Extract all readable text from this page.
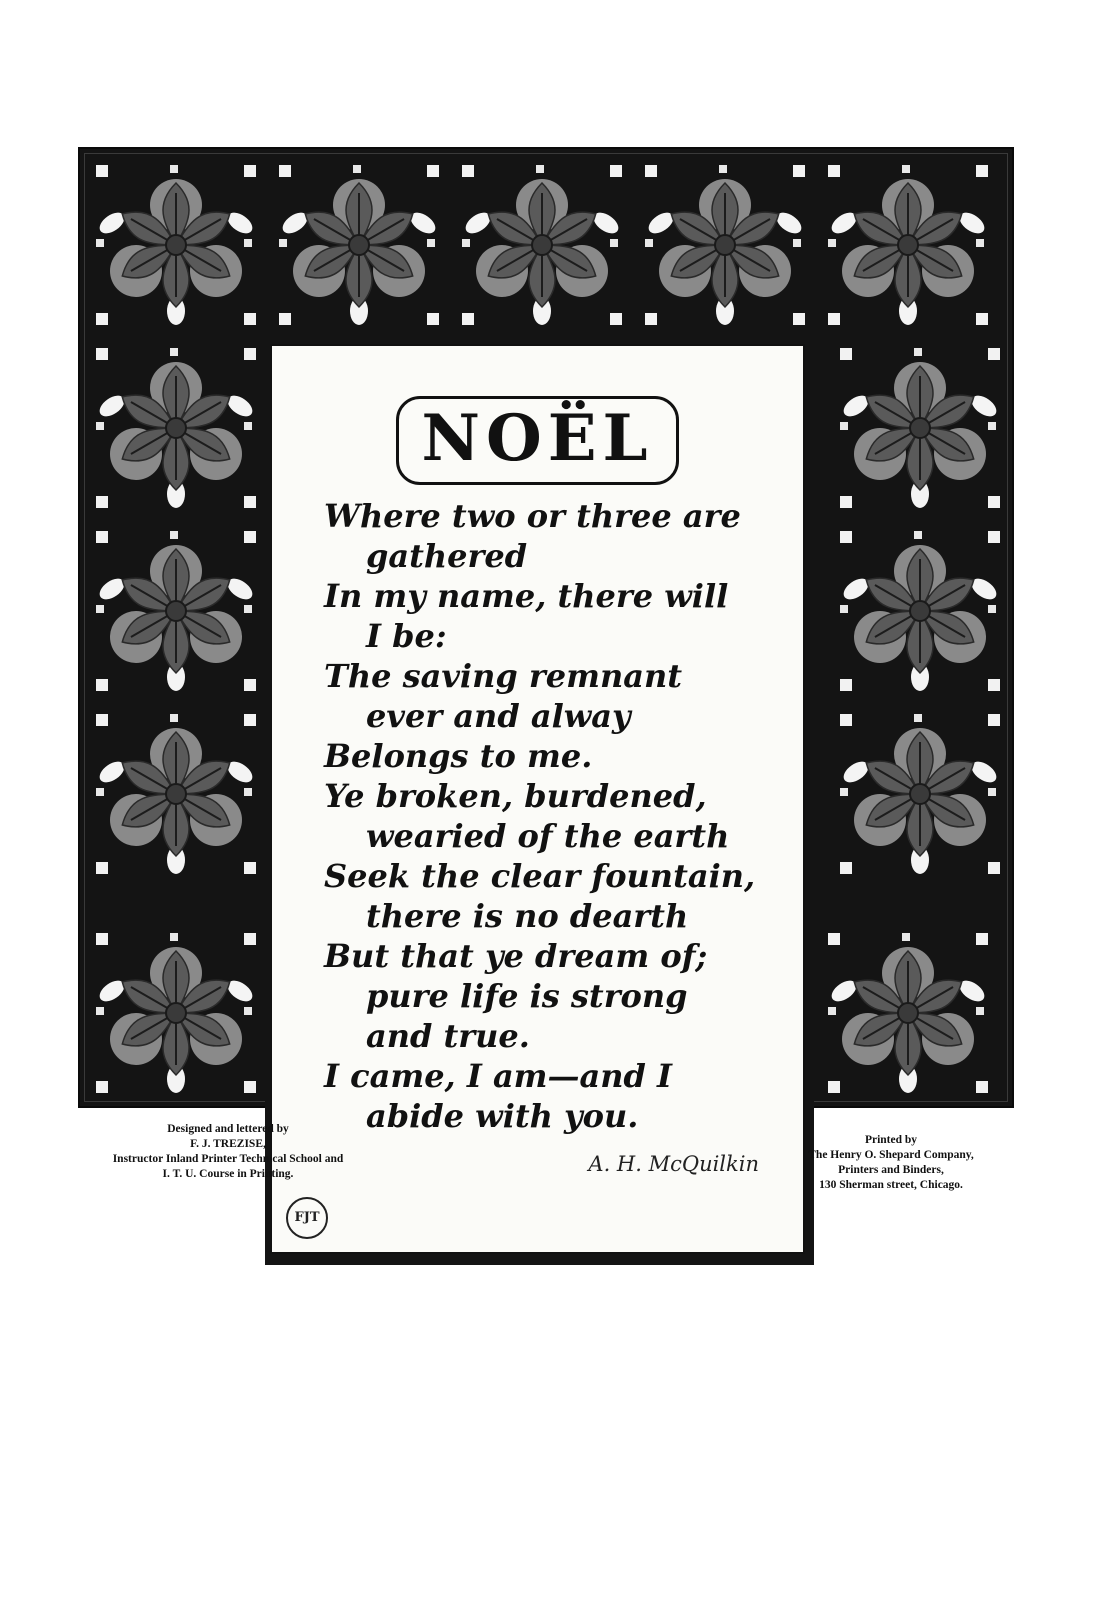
NOËL
Where two or three are
gathered
In my name, there will
I be:
The saving remnant
ever and alway
Belongs to me.
Ye broken, burdened,
wearied of the earth
Seek the clear fountain,
there is no dearth
But that ye dream of;
pure life is strong
and true.
I came, I am—and I
abide with you.
A. H. McQuilkin
FJT
Designed and lettered by
F. J. TREZISE,
Instructor Inland Printer Technical School and
I. T. U. Course in Printing.
Printed by
The Henry O. Shepard Company,
Printers and Binders,
130 Sherman street, Chicago.
